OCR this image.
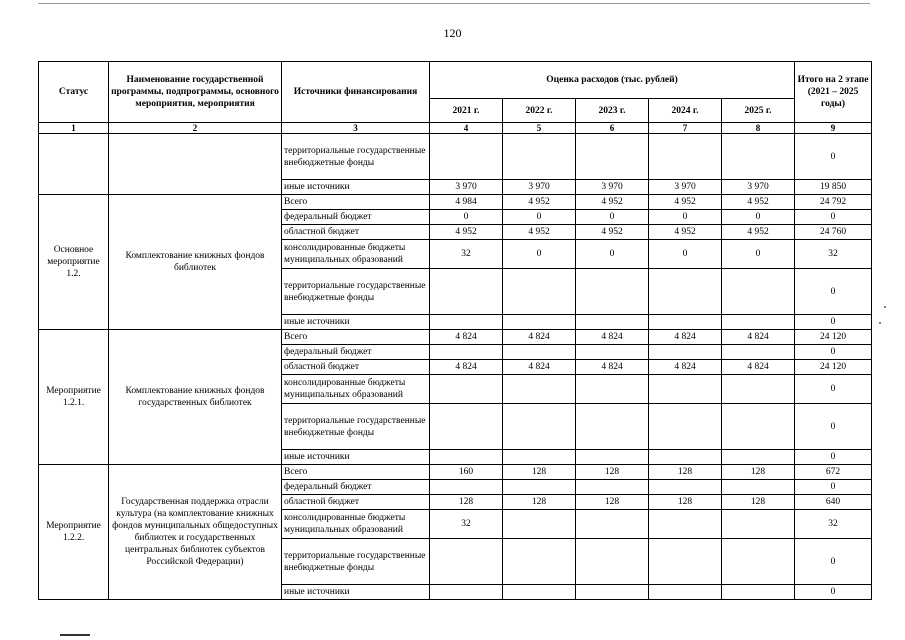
120
Статус	Наименование государственной программы, подпрограммы, основного мероприятия, мероприятия	Источники финансирования	Оценка расходов (тыс. рублей)					Итого на 2 этапе (2021 – 2025 годы)
			2021 г.	2022 г.	2023 г.	2024 г.	2025 г.	
1	2	3	4	5	6	7	8	9
		территориальные государственные внебюджетные фонды						0
		иные источники	3 970	3 970	3 970	3 970	3 970	19 850
Основное мероприятие 1.2.	Комплектование книжных фондов библиотек	Всего	4 984	4 952	4 952	4 952	4 952	24 792
		федеральный бюджет	0	0	0	0	0	0
		областной бюджет	4 952	4 952	4 952	4 952	4 952	24 760
		консолидированные бюджеты муниципальных образований	32	0	0	0	0	32
		территориальные государственные внебюджетные фонды						0
		иные источники						0
Мероприятие 1.2.1.	Комплектование книжных фондов государственных библиотек	Всего	4 824	4 824	4 824	4 824	4 824	24 120
		федеральный бюджет						0
		областной бюджет	4 824	4 824	4 824	4 824	4 824	24 120
		консолидированные бюджеты муниципальных образований						0
		территориальные государственные внебюджетные фонды						0
		иные источники						0
Мероприятие 1.2.2.	Государственная поддержка отрасли культура (на комплектование книжных фондов муниципальных общедоступных библиотек и государственных центральных библиотек субъектов Российской Федерации)	Всего	160	128	128	128	128	672
		федеральный бюджет						0
		областной бюджет	128	128	128	128	128	640
		консолидированные бюджеты муниципальных образований	32					32
		территориальные государственные внебюджетные фонды						0
		иные источники						0
